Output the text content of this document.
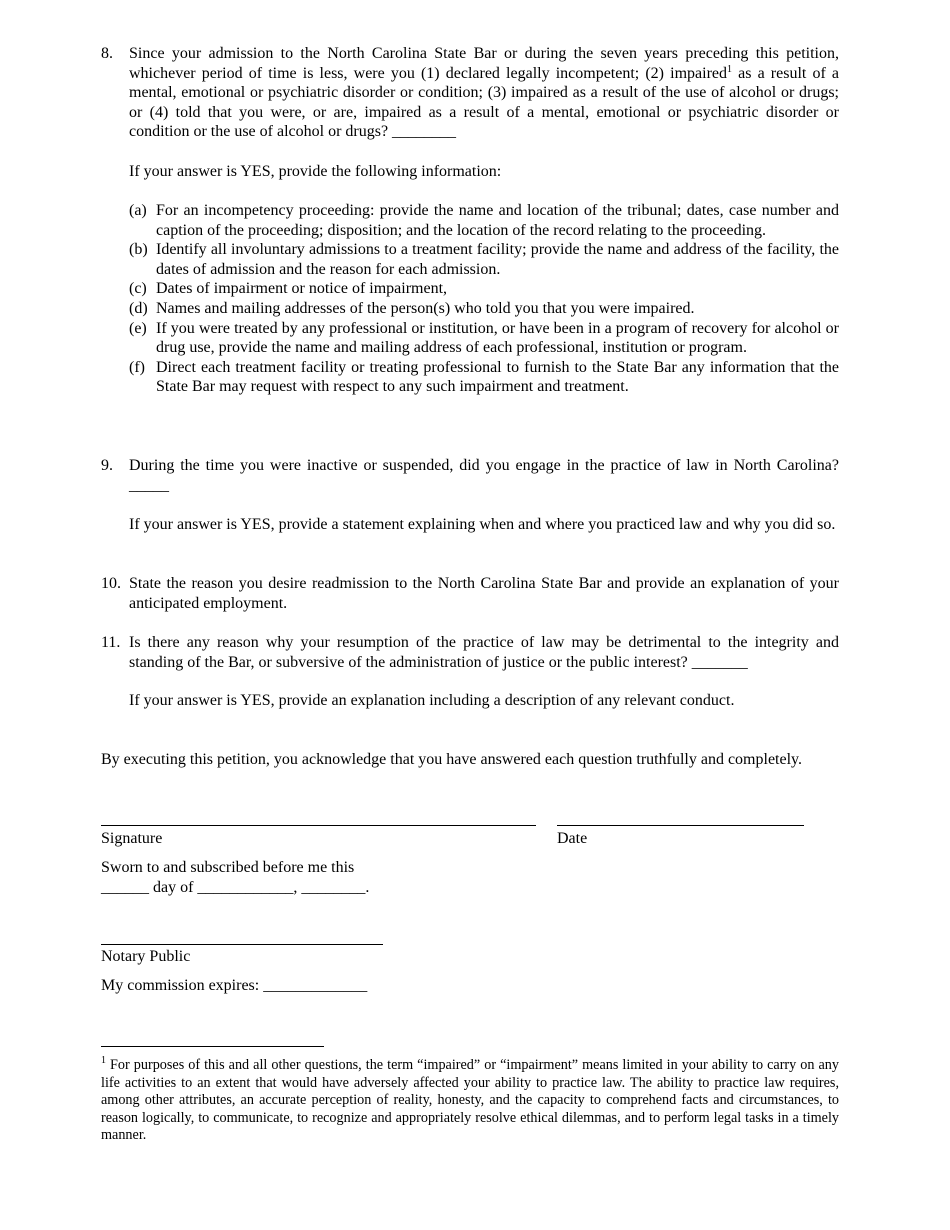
8.	Since your admission to the North Carolina State Bar or during the seven years preceding this petition, whichever period of time is less, were you (1) declared legally incompetent; (2) impaired$^1$ as a result of a mental, emotional or psychiatric disorder or condition; (3) impaired as a result of the use of alcohol or drugs; or (4) told that you were, or are, impaired as a result of a mental, emotional or psychiatric disorder or condition or the use of alcohol or drugs? ________
If your answer is YES, provide the following information:
(a) For an incompetency proceeding: provide the name and location of the tribunal; dates, case number and caption of the proceeding; disposition; and the location of the record relating to the proceeding.
(b) Identify all involuntary admissions to a treatment facility; provide the name and address of the facility, the dates of admission and the reason for each admission.
(c) Dates of impairment or notice of impairment,
(d) Names and mailing addresses of the person(s) who told you that you were impaired.
(e) If you were treated by any professional or institution, or have been in a program of recovery for alcohol or drug use, provide the name and mailing address of each professional, institution or program.
(f) Direct each treatment facility or treating professional to furnish to the State Bar any information that the State Bar may request with respect to any such impairment and treatment.
9.	During the time you were inactive or suspended, did you engage in the practice of law in North Carolina? _____
If your answer is YES, provide a statement explaining when and where you practiced law and why you did so.
10. State the reason you desire readmission to the North Carolina State Bar and provide an explanation of your anticipated employment.
11. Is there any reason why your resumption of the practice of law may be detrimental to the integrity and standing of the Bar, or subversive of the administration of justice or the public interest? _______
If your answer is YES, provide an explanation including a description of any relevant conduct.
By executing this petition, you acknowledge that you have answered each question truthfully and completely.
Signature	Date
Sworn to and subscribed before me this
______ day of ____________, ________.
Notary Public
My commission expires: _____________
$^1$ For purposes of this and all other questions, the term “impaired” or “impairment” means limited in your ability to carry on any life activities to an extent that would have adversely affected your ability to practice law. The ability to practice law requires, among other attributes, an accurate perception of reality, honesty, and the capacity to comprehend facts and circumstances, to reason logically, to communicate, to recognize and appropriately resolve ethical dilemmas, and to perform legal tasks in a timely manner.
